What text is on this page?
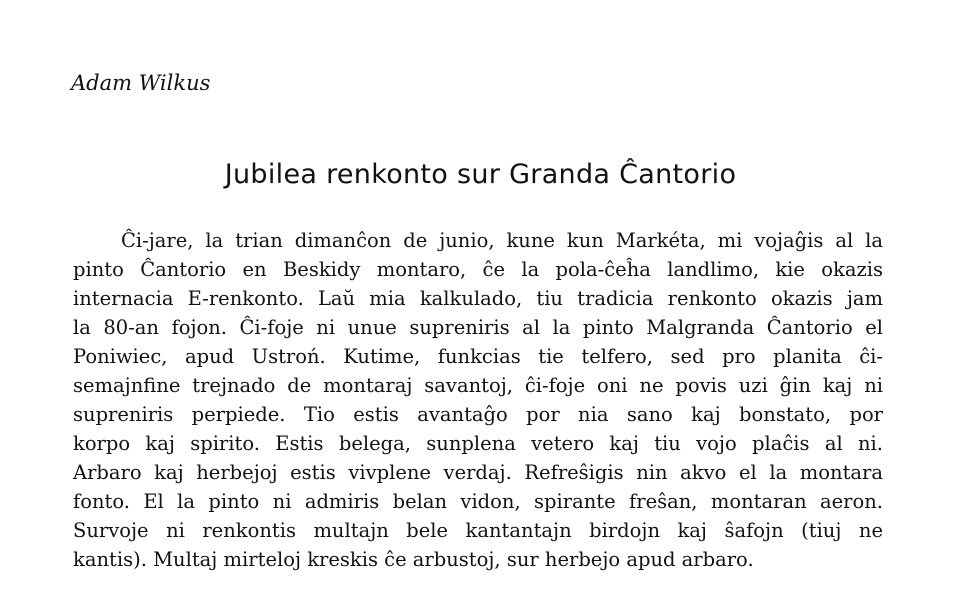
Adam Wilkus

Jubilea renkonto sur Granda Ĉantorio
Ĉi-jare, la trian dimanĉon de junio, kune kun Markéta, mi vojaĝis al la
pinto Ĉantorio en Beskidy montaro, ĉe la pola-ĉeĥa landlimo, kie okazis
internacia E-renkonto. Laŭ mia kalkulado, tiu tradicia renkonto okazis jam
la 80-an fojon. Ĉi-foje ni unue supreniris al la pinto Malgranda Ĉantorio el
Poniwiec, apud Ustroń. Kutime, funkcias tie telfero, sed pro planita ĉi-
semajnfine trejnado de montaraj savantoj, ĉi-foje oni ne povis uzi ĝin kaj ni
supreniris perpiede. Tio estis avantaĝo por nia sano kaj bonstato, por
korpo kaj spirito. Estis belega, sunplena vetero kaj tiu vojo plaĉis al ni.
Arbaro kaj herbejoj estis vivplene verdaj. Refreŝigis nin akvo el la montara
fonto. El la pinto ni admiris belan vidon, spirante freŝan, montaran aeron.
Survoje ni renkontis multajn bele kantantajn birdojn kaj ŝafojn (tiuj ne
kantis). Multaj mirteloj kreskis ĉe arbustoj, sur herbejo apud arbaro.
